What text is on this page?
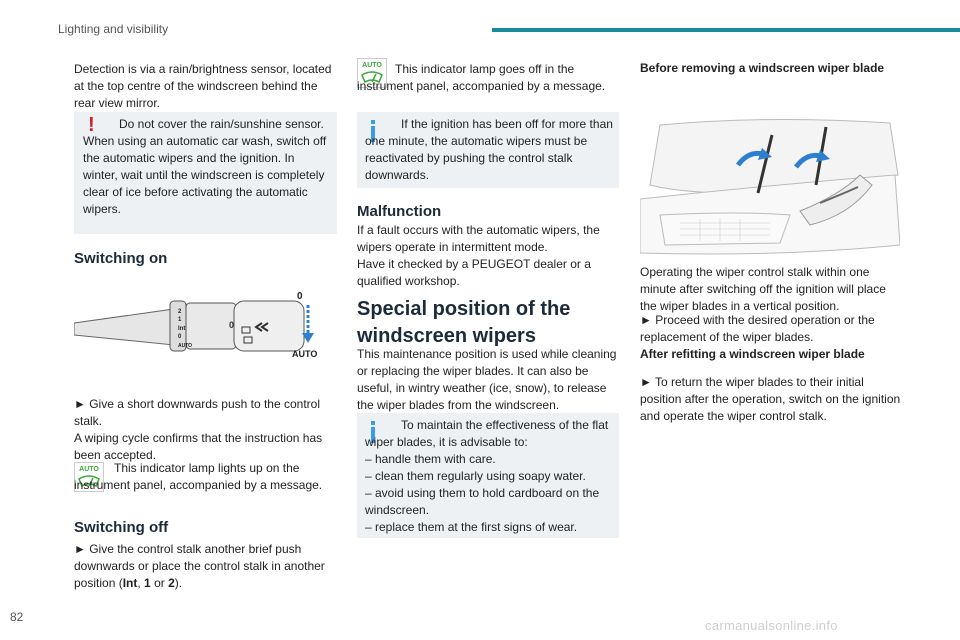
Lighting and visibility

Detection is via a rain/brightness sensor, located at the top centre of the windscreen behind the rear view mirror.

!	Do not cover the rain/sunshine sensor. When using an automatic car wash, switch off the automatic wipers and the ignition. In winter, wait until the windscreen is completely clear of ice before activating the automatic wipers.
Switching on
2
1
Int
0
AUTO
0
0
AUTO

► Give a short downwards push to the control stalk.

A wiping cycle confirms that the instruction has been accepted.

AUTO	This indicator lamp lights up on the instrument panel, accompanied by a message.

Switching off

► Give the control stalk another brief push downwards or place the control stalk in another position (Int, 1 or 2).

AUTO	This indicator lamp goes off in the instrument panel, accompanied by a message.

If the ignition has been off for more than one minute, the automatic wipers must be reactivated by pushing the control stalk downwards.
Malfunction

If a fault occurs with the automatic wipers, the wipers operate in intermittent mode.

Have it checked by a PEUGEOT dealer or a qualified workshop.

Special position of the windscreen wipers

This maintenance position is used while cleaning or replacing the wiper blades. It can also be useful, in wintry weather (ice, snow), to release the wiper blades from the windscreen.

To maintain the effectiveness of the flat wiper blades, it is advisable to:
– handle them with care.
– clean them regularly using soapy water.
– avoid using them to hold cardboard on the windscreen.
– replace them at the first signs of wear.
Before removing a windscreen wiper blade

Operating the wiper control stalk within one minute after switching off the ignition will place the wiper blades in a vertical position.

► Proceed with the desired operation or the replacement of the wiper blades.

After refitting a windscreen wiper blade

► To return the wiper blades to their initial position after the operation, switch on the ignition and operate the wiper control stalk.

82
carmanualsonline.info
